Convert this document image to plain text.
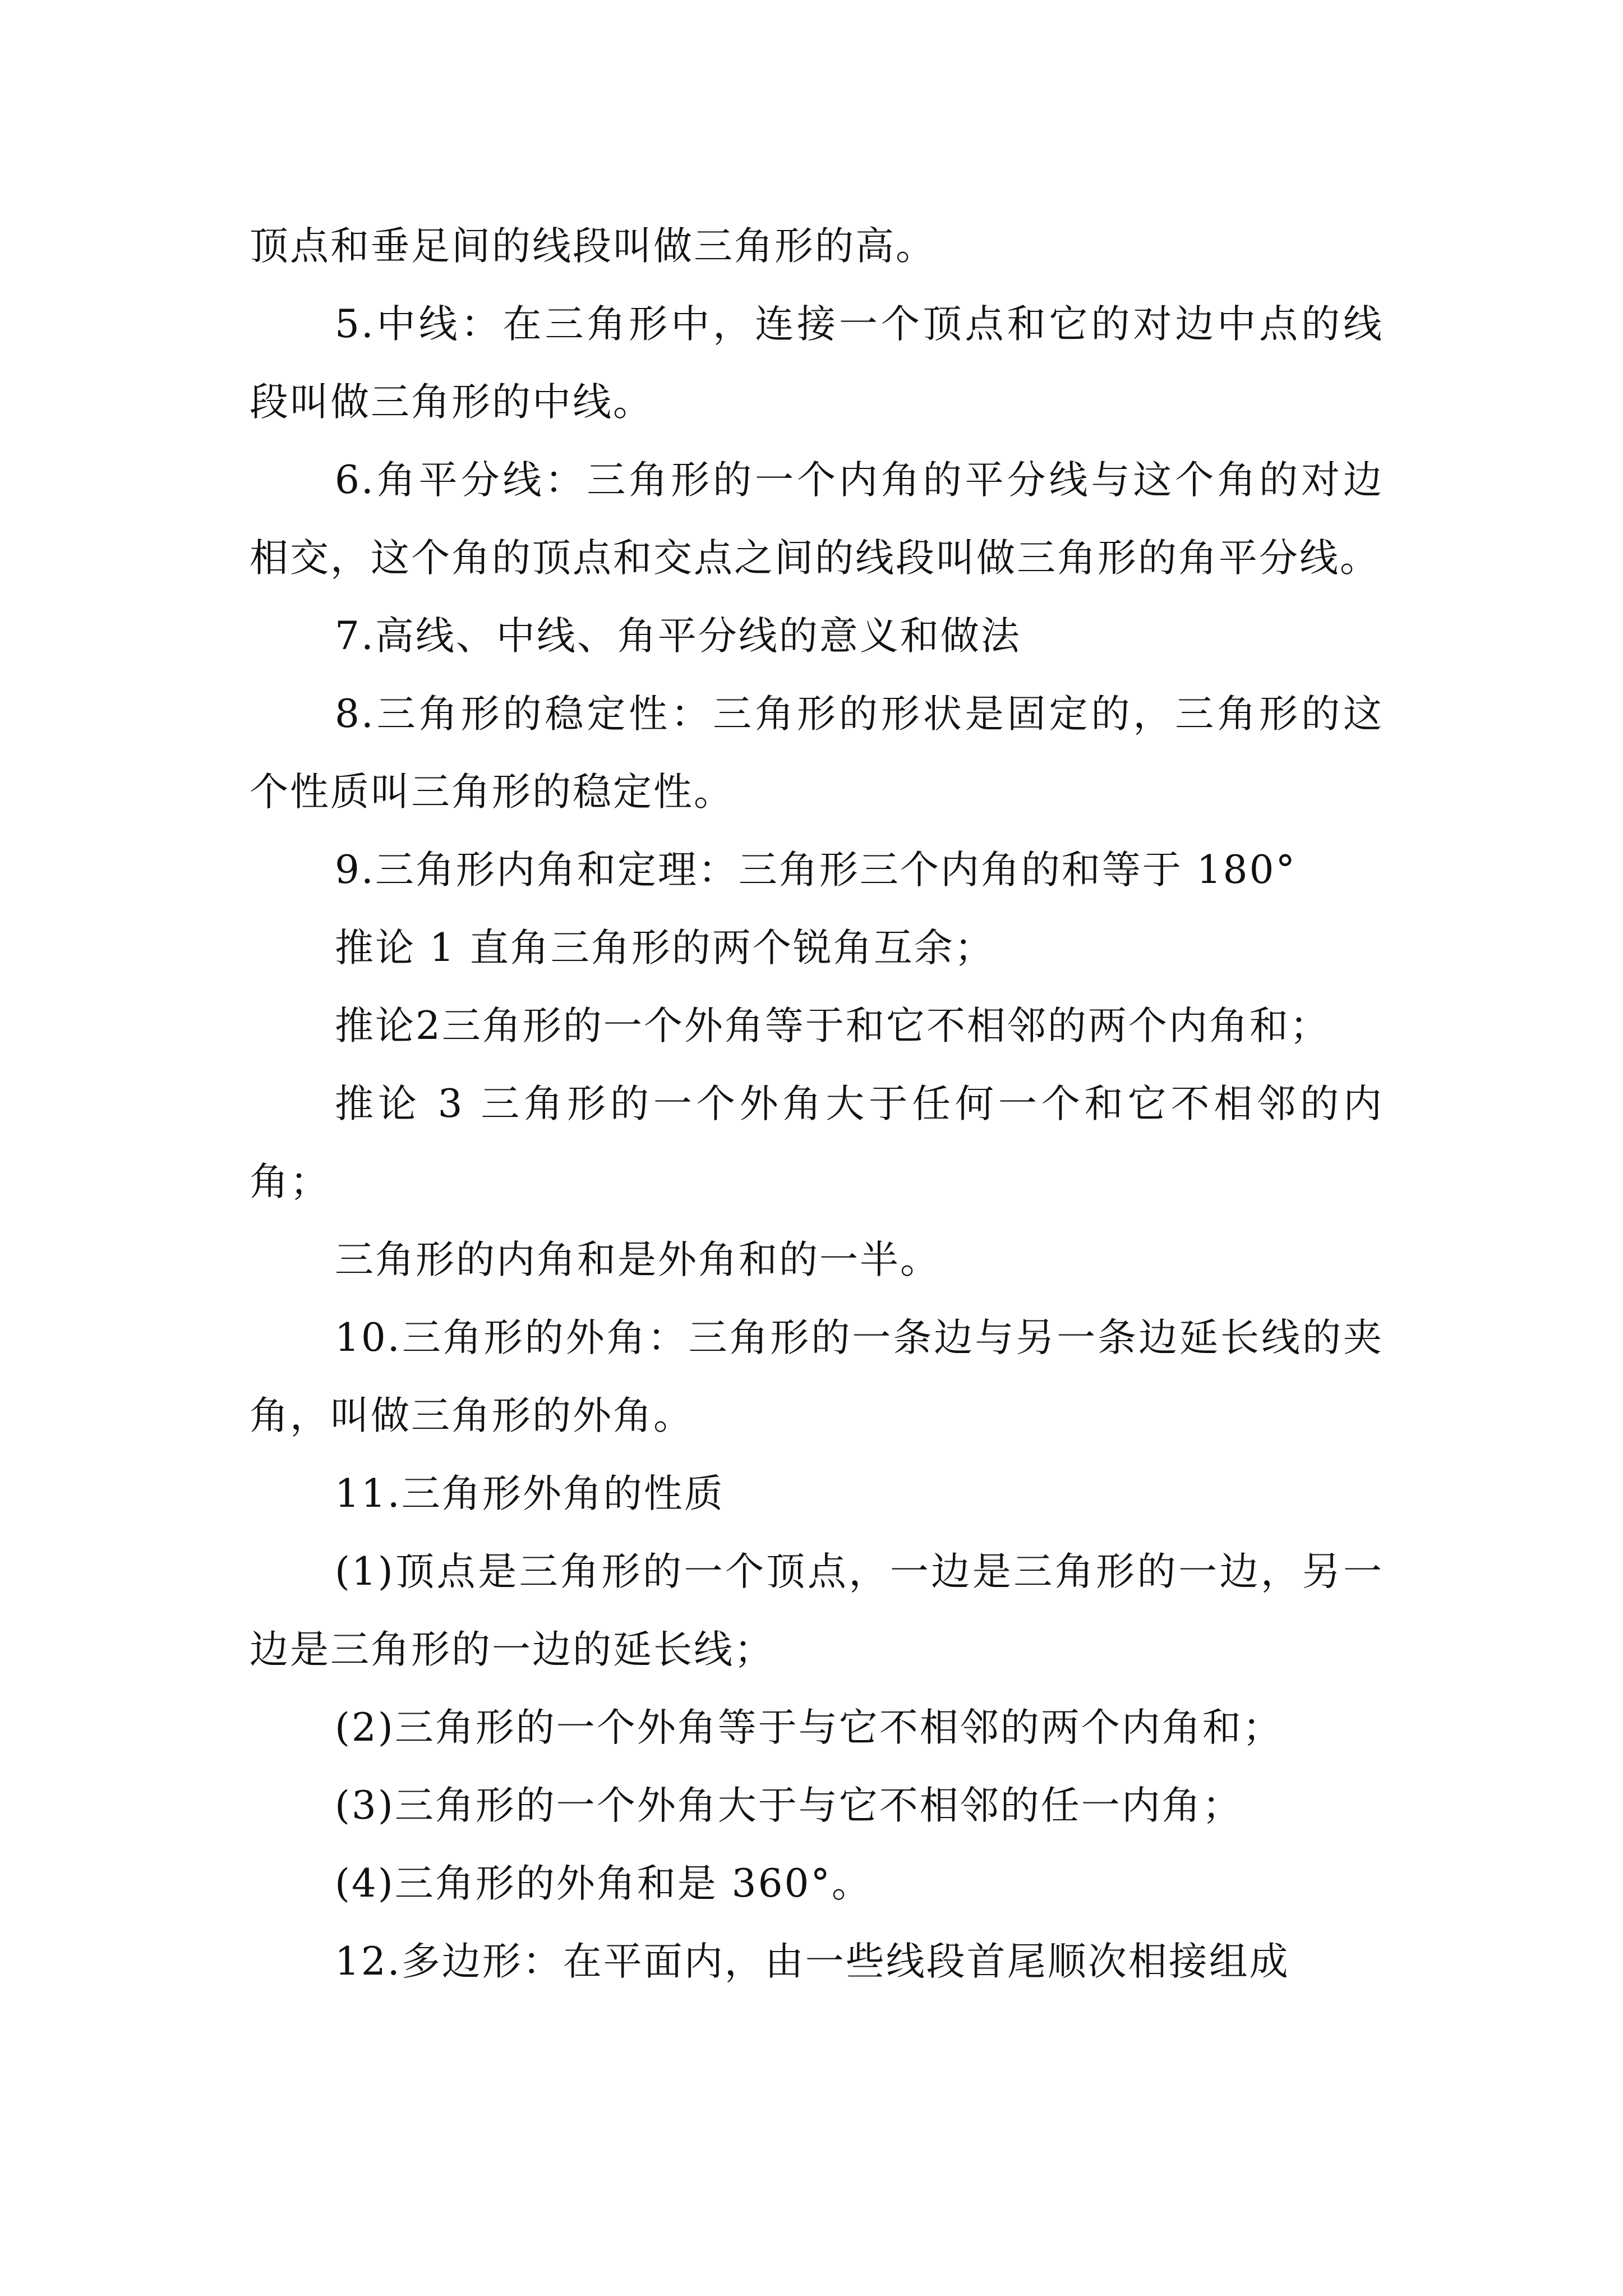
顶点和垂足间的线段叫做三角形的高。

5.中线：在三角形中，连接一个顶点和它的对边中点的线段叫做三角形的中线。

6.角平分线：三角形的一个内角的平分线与这个角的对边相交，这个角的顶点和交点之间的线段叫做三角形的角平分线。

7.高线、中线、角平分线的意义和做法

8.三角形的稳定性：三角形的形状是固定的，三角形的这个性质叫三角形的稳定性。

9.三角形内角和定理：三角形三个内角的和等于 180°

推论 1 直角三角形的两个锐角互余；

推论2三角形的一个外角等于和它不相邻的两个内角和；

推论 3 三角形的一个外角大于任何一个和它不相邻的内角；

三角形的内角和是外角和的一半。

10.三角形的外角：三角形的一条边与另一条边延长线的夹角，叫做三角形的外角。

11.三角形外角的性质

(1)顶点是三角形的一个顶点，一边是三角形的一边，另一边是三角形的一边的延长线；

(2)三角形的一个外角等于与它不相邻的两个内角和；

(3)三角形的一个外角大于与它不相邻的任一内角；

(4)三角形的外角和是 360°。

12.多边形：在平面内，由一些线段首尾顺次相接组成
